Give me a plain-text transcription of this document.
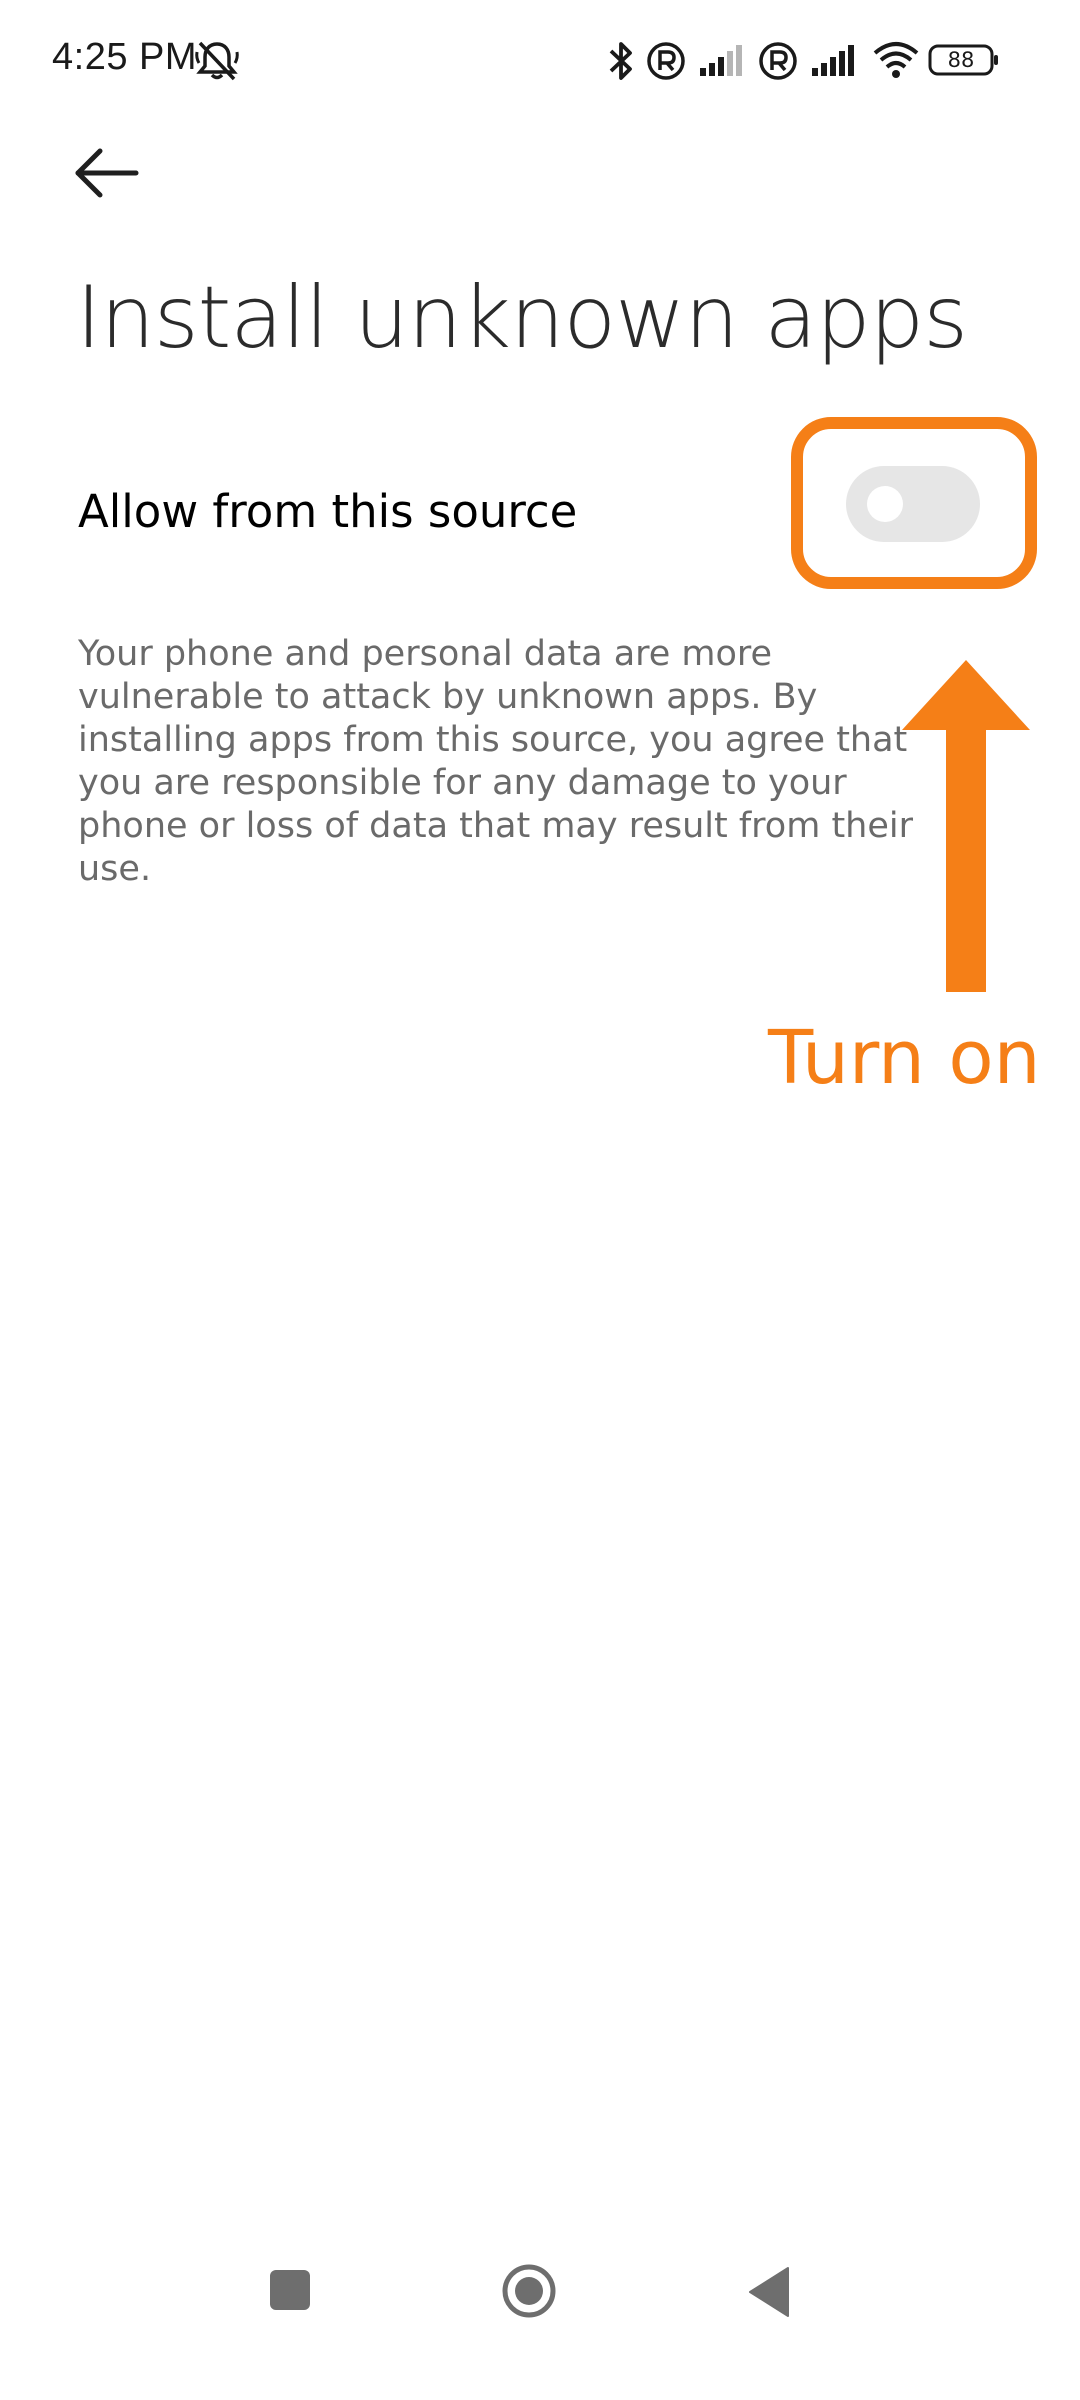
4:25 PM	88
Install unknown apps
Allow from this source

Your phone and personal data are more vulnerable to attack by unknown apps. By installing apps from this source, you agree that you are responsible for any damage to your phone or loss of data that may result from their use.

Turn on
